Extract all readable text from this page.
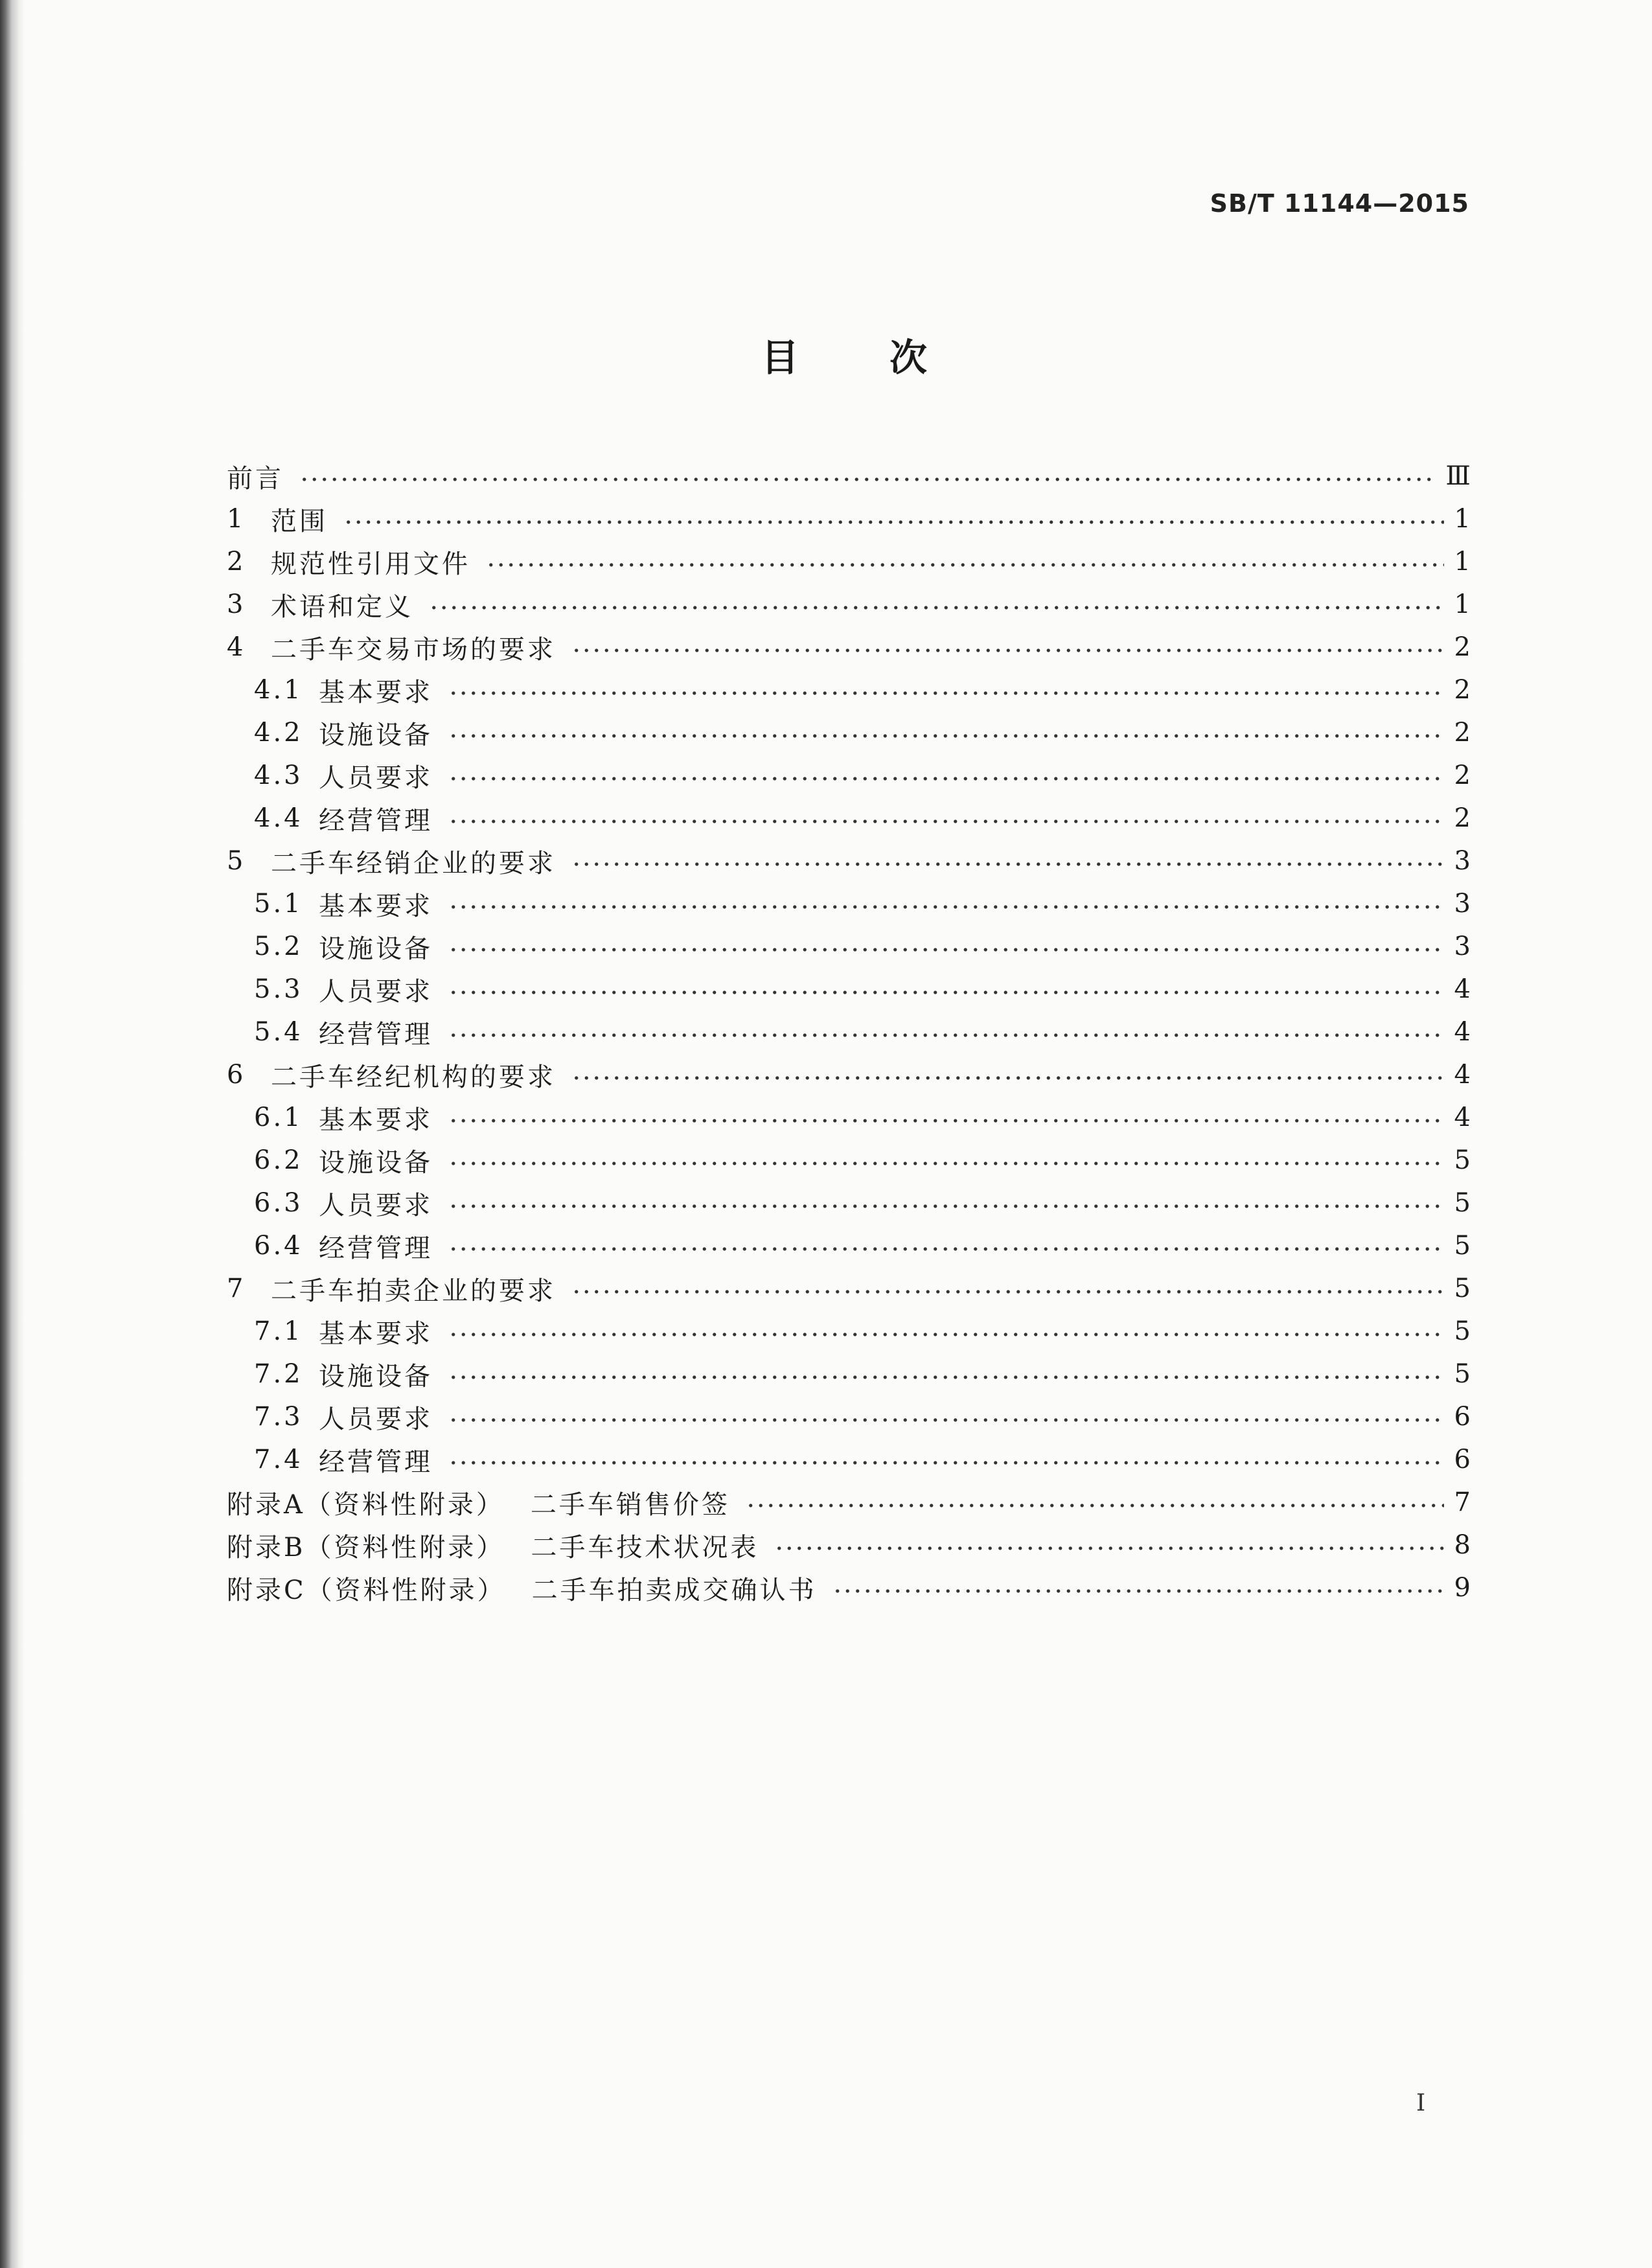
SB/T 11144—2015
目次
前言	Ⅲ
1 范围	1
2 规范性引用文件	1
3 术语和定义	1
4 二手车交易市场的要求	2
4.1 基本要求	2
4.2 设施设备	2
4.3 人员要求	2
4.4 经营管理	2
5 二手车经销企业的要求	3
5.1 基本要求	3
5.2 设施设备	3
5.3 人员要求	4
5.4 经营管理	4
6 二手车经纪机构的要求	4
6.1 基本要求	4
6.2 设施设备	5
6.3 人员要求	5
6.4 经营管理	5
7 二手车拍卖企业的要求	5
7.1 基本要求	5
7.2 设施设备	5
7.3 人员要求	6
7.4 经营管理	6
附录A（资料性附录） 二手车销售价签	7
附录B（资料性附录） 二手车技术状况表	8
附录C（资料性附录） 二手车拍卖成交确认书	9
I
